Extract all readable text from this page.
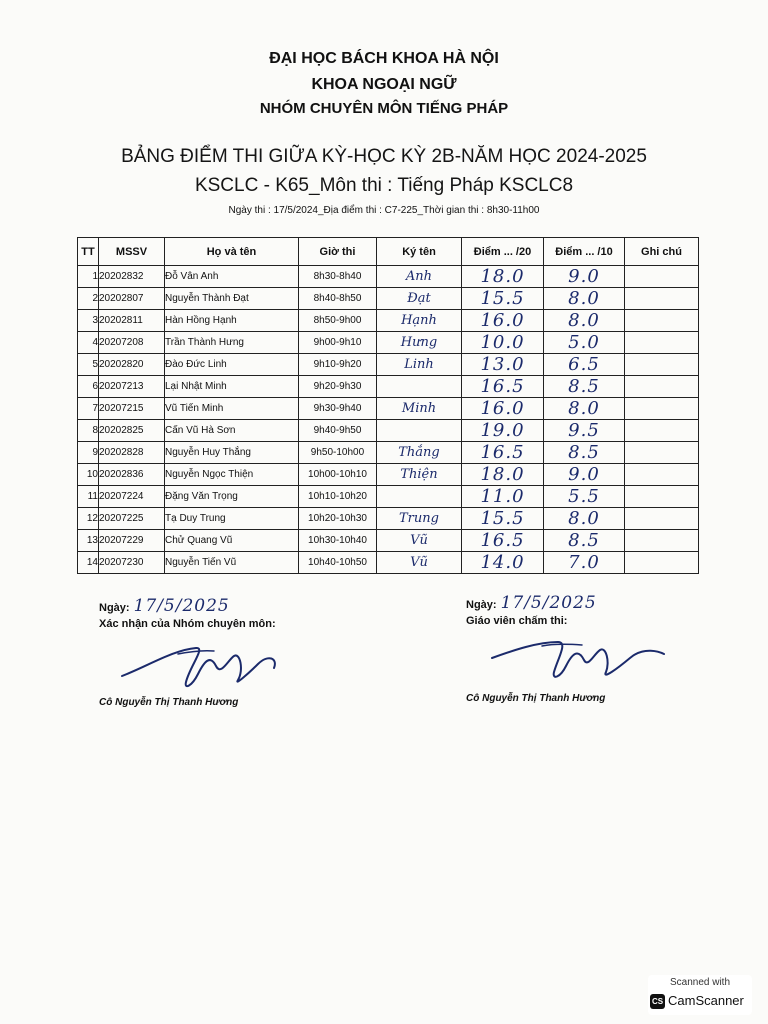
ĐẠI HỌC BÁCH KHOA HÀ NỘI
KHOA NGOẠI NGỮ
NHÓM CHUYÊN MÔN TIẾNG PHÁP
BẢNG ĐIỂM THI GIỮA KỲ-HỌC KỲ 2B-NĂM HỌC 2024-2025
KSCLC - K65_Môn thi : Tiếng Pháp KSCLC8
Ngày thi : 17/5/2024_Địa điểm thi : C7-225_Thời gian thi : 8h30-11h00
TT	MSSV	Họ và tên	Giờ thi	Ký tên	Điểm ... /20	Điểm ... /10	Ghi chú
1	20202832	Đỗ Vân Anh	8h30-8h40	Anh	18.0	9.0	
2	20202807	Nguyễn Thành Đạt	8h40-8h50	Đạt	15.5	8.0	
3	20202811	Hàn Hồng Hạnh	8h50-9h00	Hạnh	16.0	8.0	
4	20207208	Trần Thành Hưng	9h00-9h10	Hưng	10.0	5.0	
5	20202820	Đào Đức Linh	9h10-9h20	Linh	13.0	6.5	
6	20207213	Lại Nhật Minh	9h20-9h30		16.5	8.5	
7	20207215	Vũ Tiến Minh	9h30-9h40	Minh	16.0	8.0	
8	20202825	Cấn Vũ Hà Sơn	9h40-9h50		19.0	9.5	
9	20202828	Nguyễn Huy Thắng	9h50-10h00	Thắng	16.5	8.5	
10	20202836	Nguyễn Ngọc Thiện	10h00-10h10	Thiện	18.0	9.0	
11	20207224	Đặng Văn Trọng	10h10-10h20		11.0	5.5	
12	20207225	Tạ Duy Trung	10h20-10h30	Trung	15.5	8.0	
13	20207229	Chử Quang Vũ	10h30-10h40	Vũ	16.5	8.5	
14	20207230	Nguyễn Tiến Vũ	10h40-10h50	Vũ	14.0	7.0	
Ngày: 17/5/2025
Xác nhận của Nhóm chuyên môn:
Cô Nguyễn Thị Thanh Hương
Ngày: 17/5/2025
Giáo viên chấm thi:
Cô Nguyễn Thị Thanh Hương
Scanned with
CS CamScanner
